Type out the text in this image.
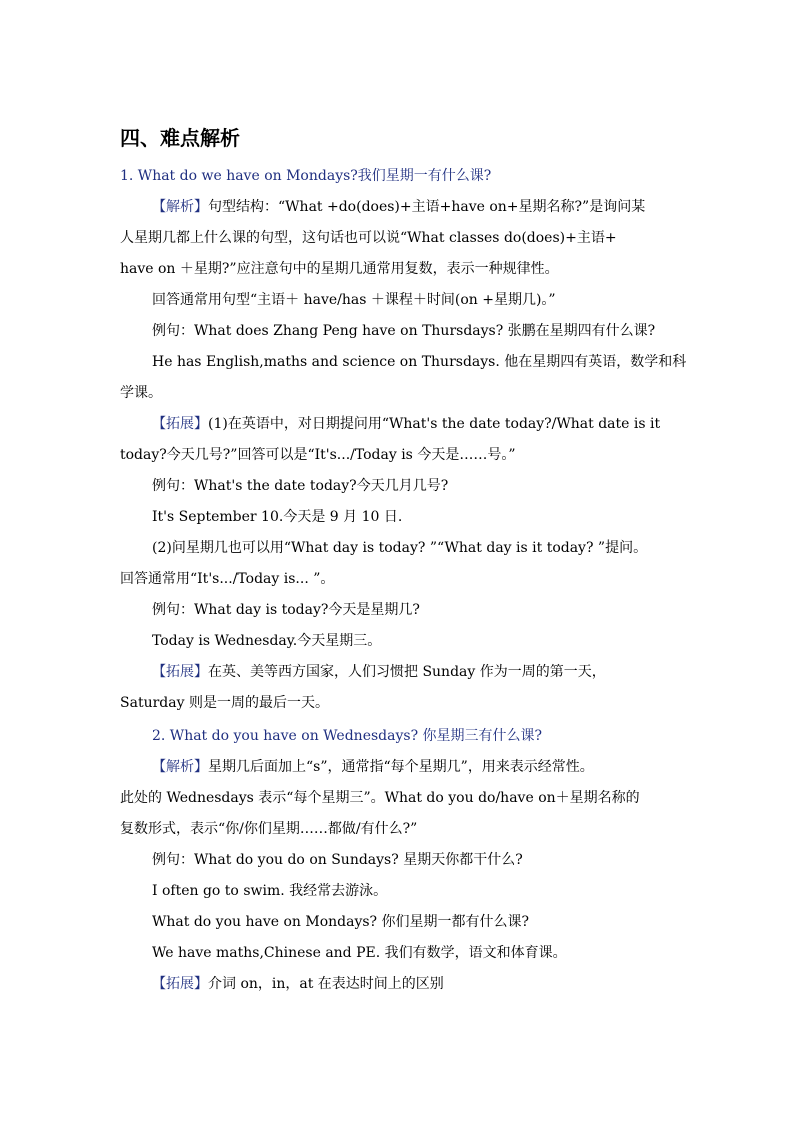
四、难点解析
1. What do we have on Mondays?我们星期一有什么课?
【解析】句型结构：“What +do(does)+主语+have on+星期名称?”是询问某
人星期几都上什么课的句型，这句话也可以说“What classes do(does)+主语+
have on ＋星期?”应注意句中的星期几通常用复数，表示一种规律性。
回答通常用句型“主语＋ have/has ＋课程＋时间(on +星期几)。”
例句：What does Zhang Peng have on Thursdays? 张鹏在星期四有什么课?
He has English,maths and science on Thursdays. 他在星期四有英语，数学和科
学课。
【拓展】(1)在英语中，对日期提问用“What's the date today?/What date is it
today?今天几号?”回答可以是“It's.../Today is 今天是……号。”
例句：What's the date today?今天几月几号?
It's September 10.今天是 9 月 10 日.
(2)问星期几也可以用“What day is today? ”“What day is it today? ”提问。
回答通常用“It's.../Today is... ”。
例句：What day is today?今天是星期几?
Today is Wednesday.今天星期三。
【拓展】在英、美等西方国家，人们习惯把 Sunday 作为一周的第一天，
Saturday 则是一周的最后一天。
2. What do you have on Wednesdays? 你星期三有什么课?
【解析】星期几后面加上“s”，通常指“每个星期几”，用来表示经常性。
此处的 Wednesdays 表示“每个星期三”。What do you do/have on＋星期名称的
复数形式，表示“你/你们星期……都做/有什么?”
例句：What do you do on Sundays? 星期天你都干什么?
I often go to swim. 我经常去游泳。
What do you have on Mondays? 你们星期一都有什么课?
We have maths,Chinese and PE. 我们有数学，语文和体育课。
【拓展】介词 on，in，at 在表达时间上的区别
